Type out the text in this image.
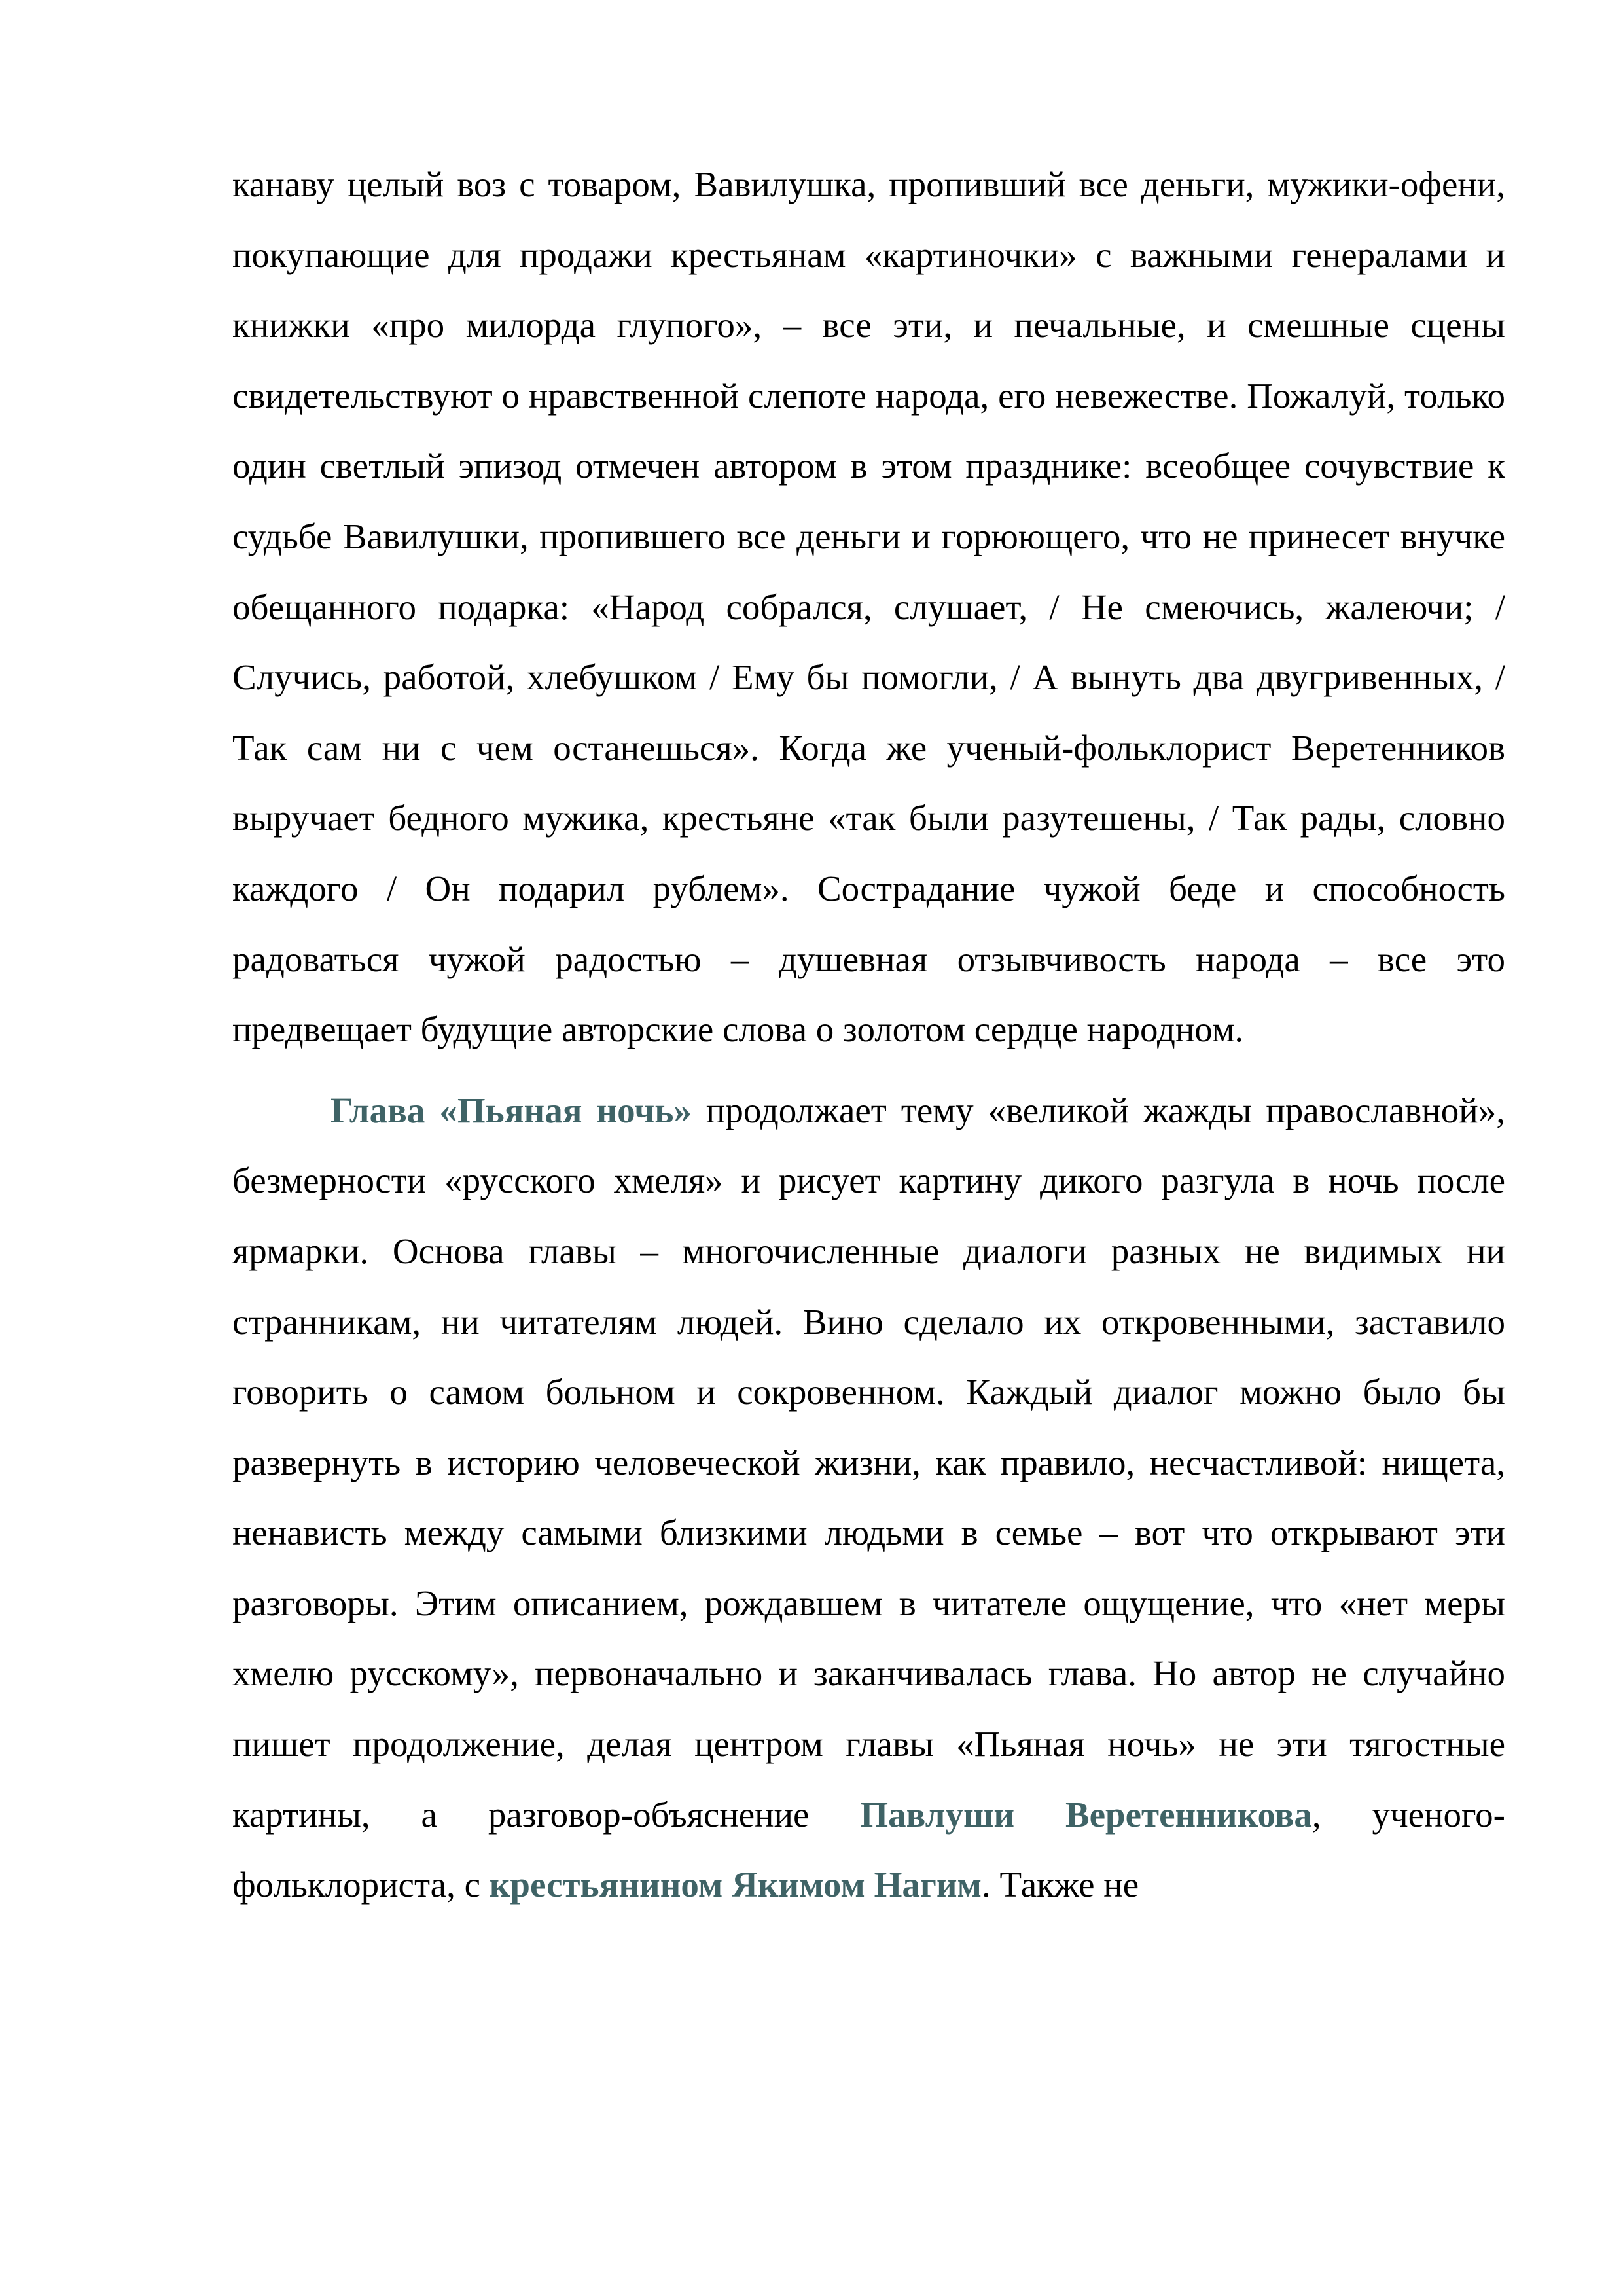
канаву целый воз с товаром, Вавилушка, пропивший все деньги, мужики-офени, покупающие для продажи крестьянам «картиночки» с важными генералами и книжки «про милорда глупого», – все эти, и печальные, и смешные сцены свидетельствуют о нравственной слепоте народа, его невежестве. Пожалуй, только один светлый эпизод отмечен автором в этом празднике: всеобщее сочувствие к судьбе Вавилушки, пропившего все деньги и горюющего, что не принесет внучке обещанного подарка: «Народ собрался, слушает, / Не смеючись, жалеючи; / Случись, работой, хлебушком / Ему бы помогли, / А вынуть два двугривенных, / Так сам ни с чем останешься». Когда же ученый-фольклорист Веретенников выручает бедного мужика, крестьяне «так были разутешены, / Так рады, словно каждого / Он подарил рублем». Сострадание чужой беде и способность радоваться чужой радостью – душевная отзывчивость народа – все это предвещает будущие авторские слова о золотом сердце народном.

Глава «Пьяная ночь» продолжает тему «великой жажды православной», безмерности «русского хмеля» и рисует картину дикого разгула в ночь после ярмарки. Основа главы – многочисленные диалоги разных не видимых ни странникам, ни читателям людей. Вино сделало их откровенными, заставило говорить о самом больном и сокровенном. Каждый диалог можно было бы развернуть в историю человеческой жизни, как правило, несчастливой: нищета, ненависть между самыми близкими людьми в семье – вот что открывают эти разговоры. Этим описанием, рождавшем в читателе ощущение, что «нет меры хмелю русскому», первоначально и заканчивалась глава. Но автор не случайно пишет продолжение, делая центром главы «Пьяная ночь» не эти тягостные картины, а разговор-объяснение Павлуши Веретенникова, ученого-фольклориста, с крестьянином Якимом Нагим. Также не
